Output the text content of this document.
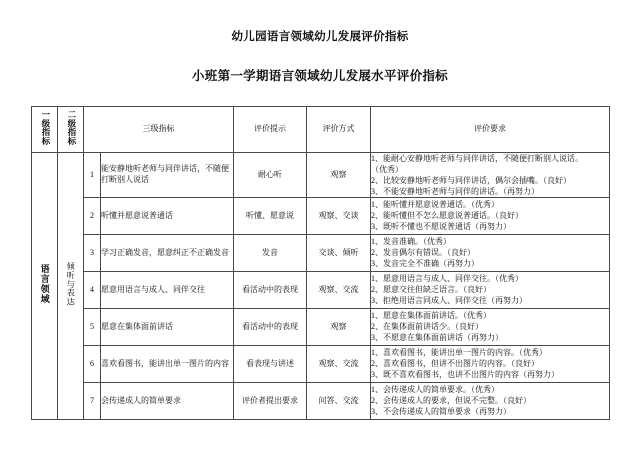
幼儿园语言领域幼儿发展评价指标
小班第一学期语言领域幼儿发展水平评价指标
一级指标	二级指标	三级指标		评价提示	评价方式	评价要求
语言领域	倾听与表达	1	能安静地听老师与同伴讲话，不随便打断别人说话	耐心听	观察	1、能耐心安静地听老师与同伴讲话，不随便打断别人说话。
（优秀）
2、比较安静地听老师与同伴讲话，偶尔会插嘴。（良好）
3、不能安静地听老师与同伴的讲话。（再努力）

		2	听懂并愿意说普通话	听懂、愿意说	观察、交谈	1、能听懂并愿意说普通话。（优秀）
2、能听懂但不怎么愿意说普通话。（良好）
3、既听不懂也不愿说普通话（再努力）

		3	学习正确发音，愿意纠正不正确发音	发音	交谈、倾听	1、发音准确。（优秀）
2、发音偶尔有错误。（良好）
3、发音完全不准确（再努力）

		4	愿意用语言与成人、同伴交往	看活动中的表现	观察、交流	1、愿意用语言与成人、同伴交往。（优秀）
2、愿意交往但缺乏语言。（良好）
3、拒绝用语言同成人、同伴交往（再努力）

		5	愿意在集体面前讲话	看活动中的表现	观察	1、愿意在集体面前讲话。（优秀）
2、在集体面前讲话少。（良好）
3、不愿意在集体面前讲话（再努力）

		6	喜欢看图书，能讲出单一图片的内容	看表现与讲述	观察、交流	1、喜欢看图书，能讲出单一图片的内容。（优秀）
2、喜欢看图书，但讲不出图片的内容。（良好）
3、既不喜欢看图书，也讲不出图片的内容（再努力）

		7	会传递成人的简单要求	评价者提出要求	问答、交流	1、会传递成人的简单要求。（优秀）
2、会传递成人的要求，但说不完整。（良好）
3、不会传递成人的简单要求（再努力）
